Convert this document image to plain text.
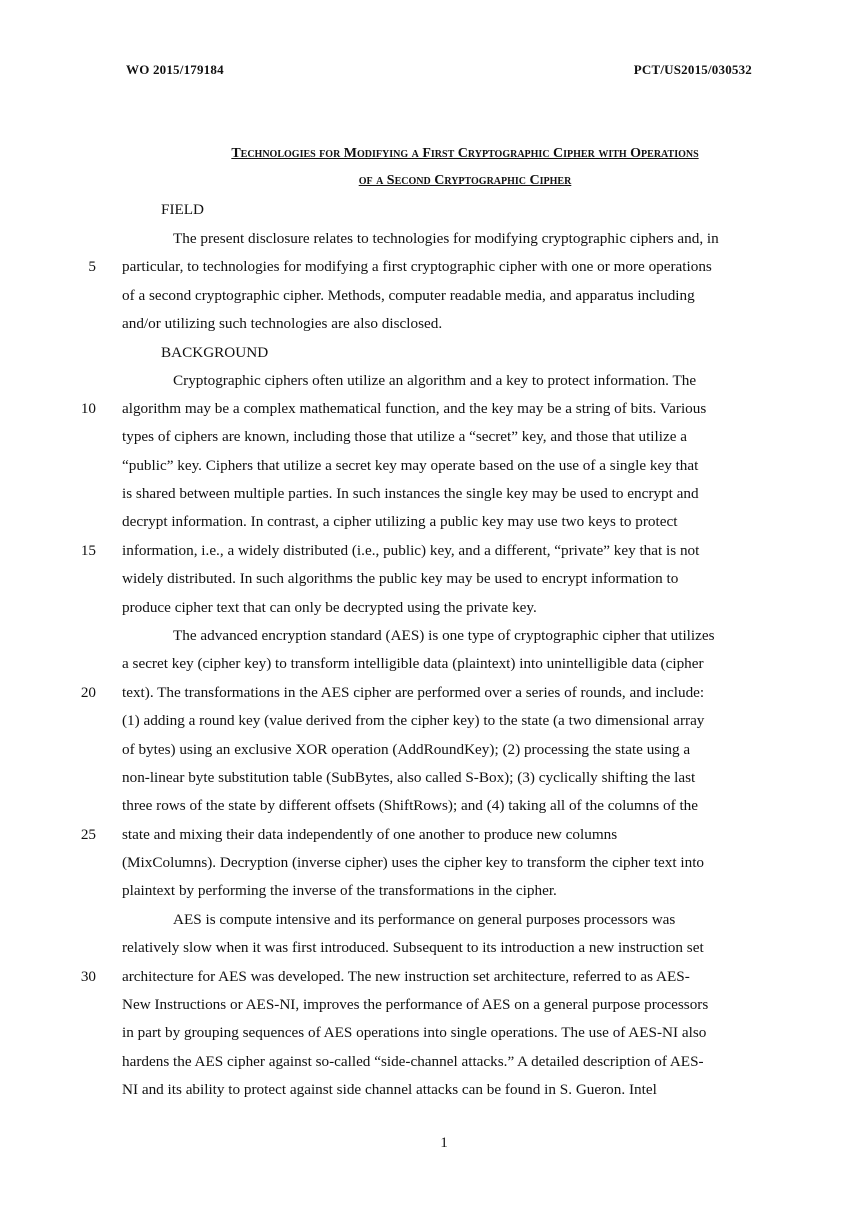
WO 2015/179184	PCT/US2015/030532
Technologies for Modifying a First Cryptographic Cipher with Operations
of a Second Cryptographic Cipher
FIELD
The present disclosure relates to technologies for modifying cryptographic ciphers and, in
particular, to technologies for modifying a first cryptographic cipher with one or more operations
of a second cryptographic cipher. Methods, computer readable media, and apparatus including
and/or utilizing such technologies are also disclosed.
BACKGROUND
Cryptographic ciphers often utilize an algorithm and a key to protect information. The
algorithm may be a complex mathematical function, and the key may be a string of bits. Various
types of ciphers are known, including those that utilize a “secret” key, and those that utilize a
“public” key. Ciphers that utilize a secret key may operate based on the use of a single key that
is shared between multiple parties. In such instances the single key may be used to encrypt and
decrypt information. In contrast, a cipher utilizing a public key may use two keys to protect
information, i.e., a widely distributed (i.e., public) key, and a different, “private” key that is not
widely distributed. In such algorithms the public key may be used to encrypt information to
produce cipher text that can only be decrypted using the private key.
The advanced encryption standard (AES) is one type of cryptographic cipher that utilizes
a secret key (cipher key) to transform intelligible data (plaintext) into unintelligible data (cipher
text). The transformations in the AES cipher are performed over a series of rounds, and include:
(1) adding a round key (value derived from the cipher key) to the state (a two dimensional array
of bytes) using an exclusive XOR operation (AddRoundKey); (2) processing the state using a
non-linear byte substitution table (SubBytes, also called S-Box); (3) cyclically shifting the last
three rows of the state by different offsets (ShiftRows); and (4) taking all of the columns of the
state and mixing their data independently of one another to produce new columns
(MixColumns). Decryption (inverse cipher) uses the cipher key to transform the cipher text into
plaintext by performing the inverse of the transformations in the cipher.
AES is compute intensive and its performance on general purposes processors was
relatively slow when it was first introduced. Subsequent to its introduction a new instruction set
architecture for AES was developed. The new instruction set architecture, referred to as AES-
New Instructions or AES-NI, improves the performance of AES on a general purpose processors
in part by grouping sequences of AES operations into single operations. The use of AES-NI also
hardens the AES cipher against so-called “side-channel attacks.” A detailed description of AES-
NI and its ability to protect against side channel attacks can be found in S. Gueron. Intel
5
10
15
20
25
30
1
